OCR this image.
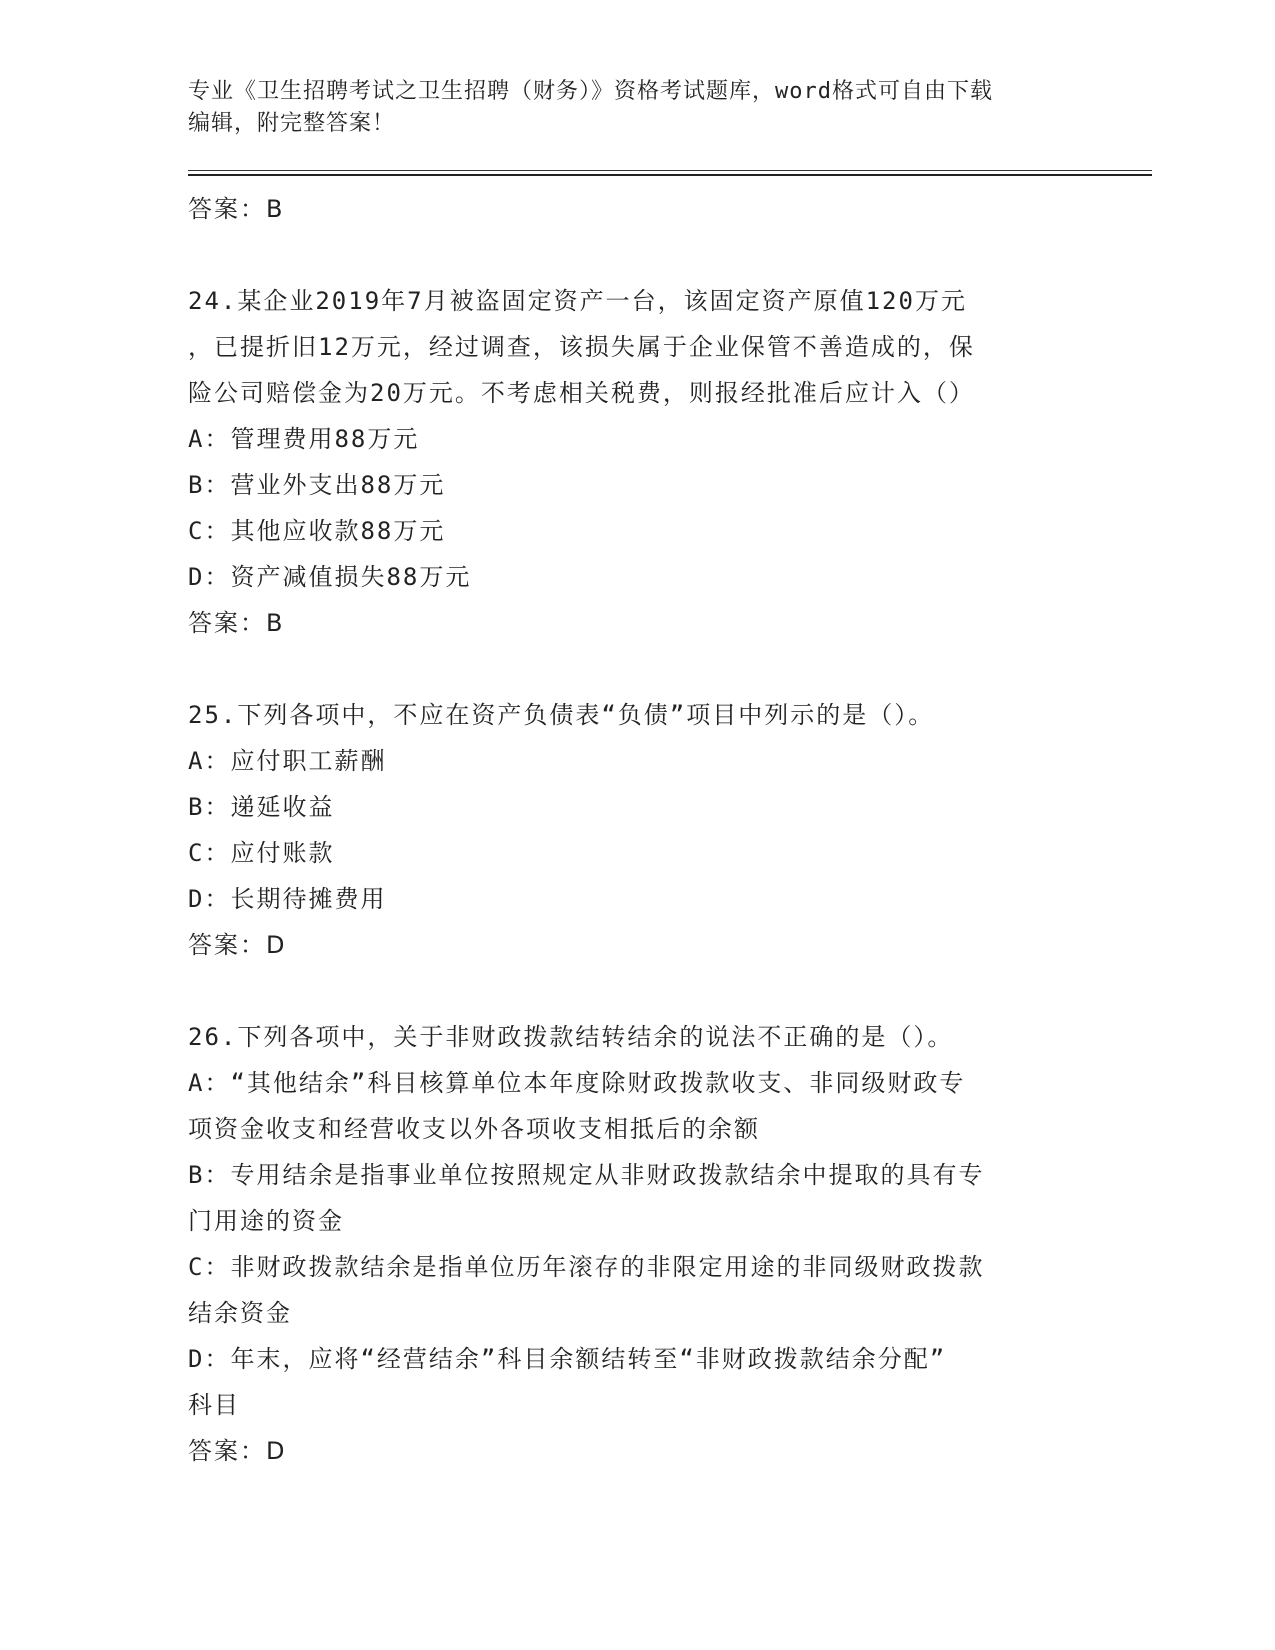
专业《卫生招聘考试之卫生招聘（财务）》资格考试题库，word格式可自由下载
编辑，附完整答案！
答案：B
24.某企业2019年7月被盗固定资产一台，该固定资产原值120万元
，已提折旧12万元，经过调查，该损失属于企业保管不善造成的，保
险公司赔偿金为20万元。不考虑相关税费，则报经批准后应计入（）
A：管理费用88万元
B：营业外支出88万元
C：其他应收款88万元
D：资产减值损失88万元
答案：B
25.下列各项中，不应在资产负债表“负债”项目中列示的是（）。
A：应付职工薪酬
B：递延收益
C：应付账款
D：长期待摊费用
答案：D
26.下列各项中，关于非财政拨款结转结余的说法不正确的是（）。
A：“其他结余”科目核算单位本年度除财政拨款收支、非同级财政专
项资金收支和经营收支以外各项收支相抵后的余额
B：专用结余是指事业单位按照规定从非财政拨款结余中提取的具有专
门用途的资金
C：非财政拨款结余是指单位历年滚存的非限定用途的非同级财政拨款
结余资金
D：年末，应将“经营结余”科目余额结转至“非财政拨款结余分配”
科目
答案：D
